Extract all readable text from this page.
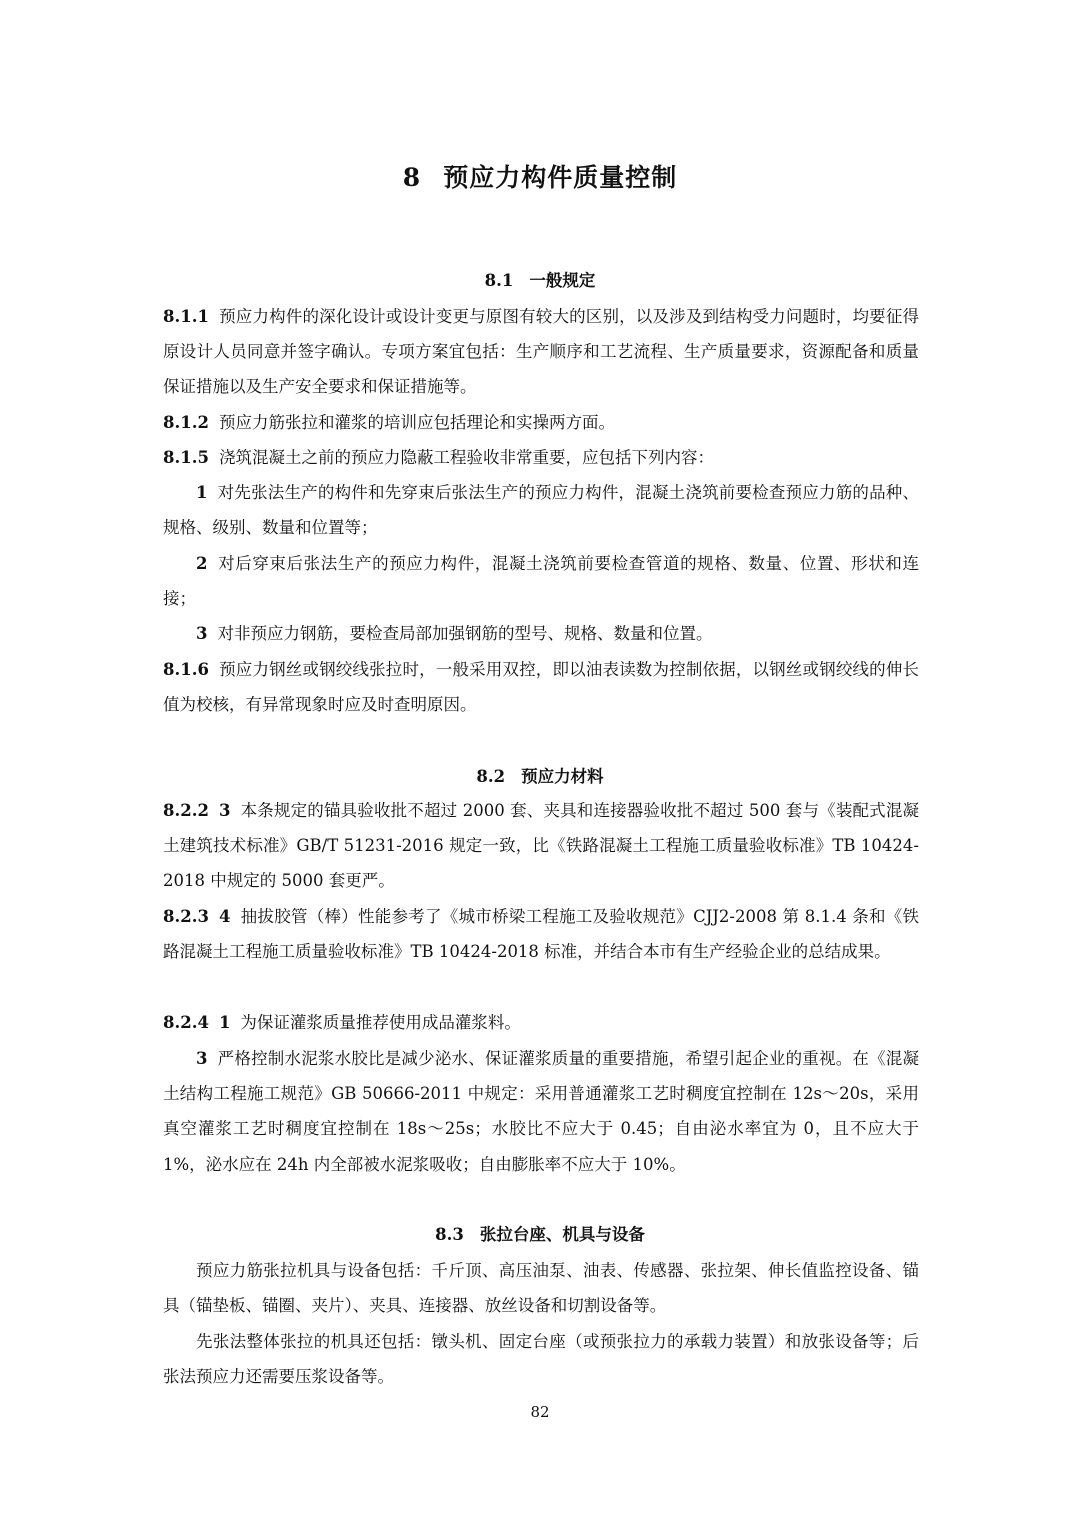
8 预应力构件质量控制
8.1 一般规定

8.1.1 预应力构件的深化设计或设计变更与原图有较大的区别，以及涉及到结构受力问题时，均要征得原设计人员同意并签字确认。专项方案宜包括：生产顺序和工艺流程、生产质量要求，资源配备和质量保证措施以及生产安全要求和保证措施等。

8.1.2 预应力筋张拉和灌浆的培训应包括理论和实操两方面。

8.1.5 浇筑混凝土之前的预应力隐蔽工程验收非常重要，应包括下列内容：

1 对先张法生产的构件和先穿束后张法生产的预应力构件，混凝土浇筑前要检查预应力筋的品种、规格、级别、数量和位置等；

2 对后穿束后张法生产的预应力构件，混凝土浇筑前要检查管道的规格、数量、位置、形状和连接；

3 对非预应力钢筋，要检查局部加强钢筋的型号、规格、数量和位置。

8.1.6 预应力钢丝或钢绞线张拉时，一般采用双控，即以油表读数为控制依据，以钢丝或钢绞线的伸长值为校核，有异常现象时应及时查明原因。

8.2 预应力材料

8.2.2 3 本条规定的锚具验收批不超过 2000 套、夹具和连接器验收批不超过 500 套与《装配式混凝土建筑技术标准》GB/T 51231-2016 规定一致，比《铁路混凝土工程施工质量验收标准》TB 10424-2018 中规定的 5000 套更严。

8.2.3 4 抽拔胶管（棒）性能参考了《城市桥梁工程施工及验收规范》CJJ2-2008 第 8.1.4 条和《铁路混凝土工程施工质量验收标准》TB 10424-2018 标准，并结合本市有生产经验企业的总结成果。

8.2.4 1 为保证灌浆质量推荐使用成品灌浆料。

3 严格控制水泥浆水胶比是减少泌水、保证灌浆质量的重要措施，希望引起企业的重视。在《混凝土结构工程施工规范》GB 50666-2011 中规定：采用普通灌浆工艺时稠度宜控制在 12s～20s，采用真空灌浆工艺时稠度宜控制在 18s～25s；水胶比不应大于 0.45；自由泌水率宜为 0，且不应大于 1%，泌水应在 24h 内全部被水泥浆吸收；自由膨胀率不应大于 10%。

8.3 张拉台座、机具与设备

预应力筋张拉机具与设备包括：千斤顶、高压油泵、油表、传感器、张拉架、伸长值监控设备、锚具（锚垫板、锚圈、夹片）、夹具、连接器、放丝设备和切割设备等。

先张法整体张拉的机具还包括：镦头机、固定台座（或预张拉力的承载力装置）和放张设备等；后张法预应力还需要压浆设备等。

82
